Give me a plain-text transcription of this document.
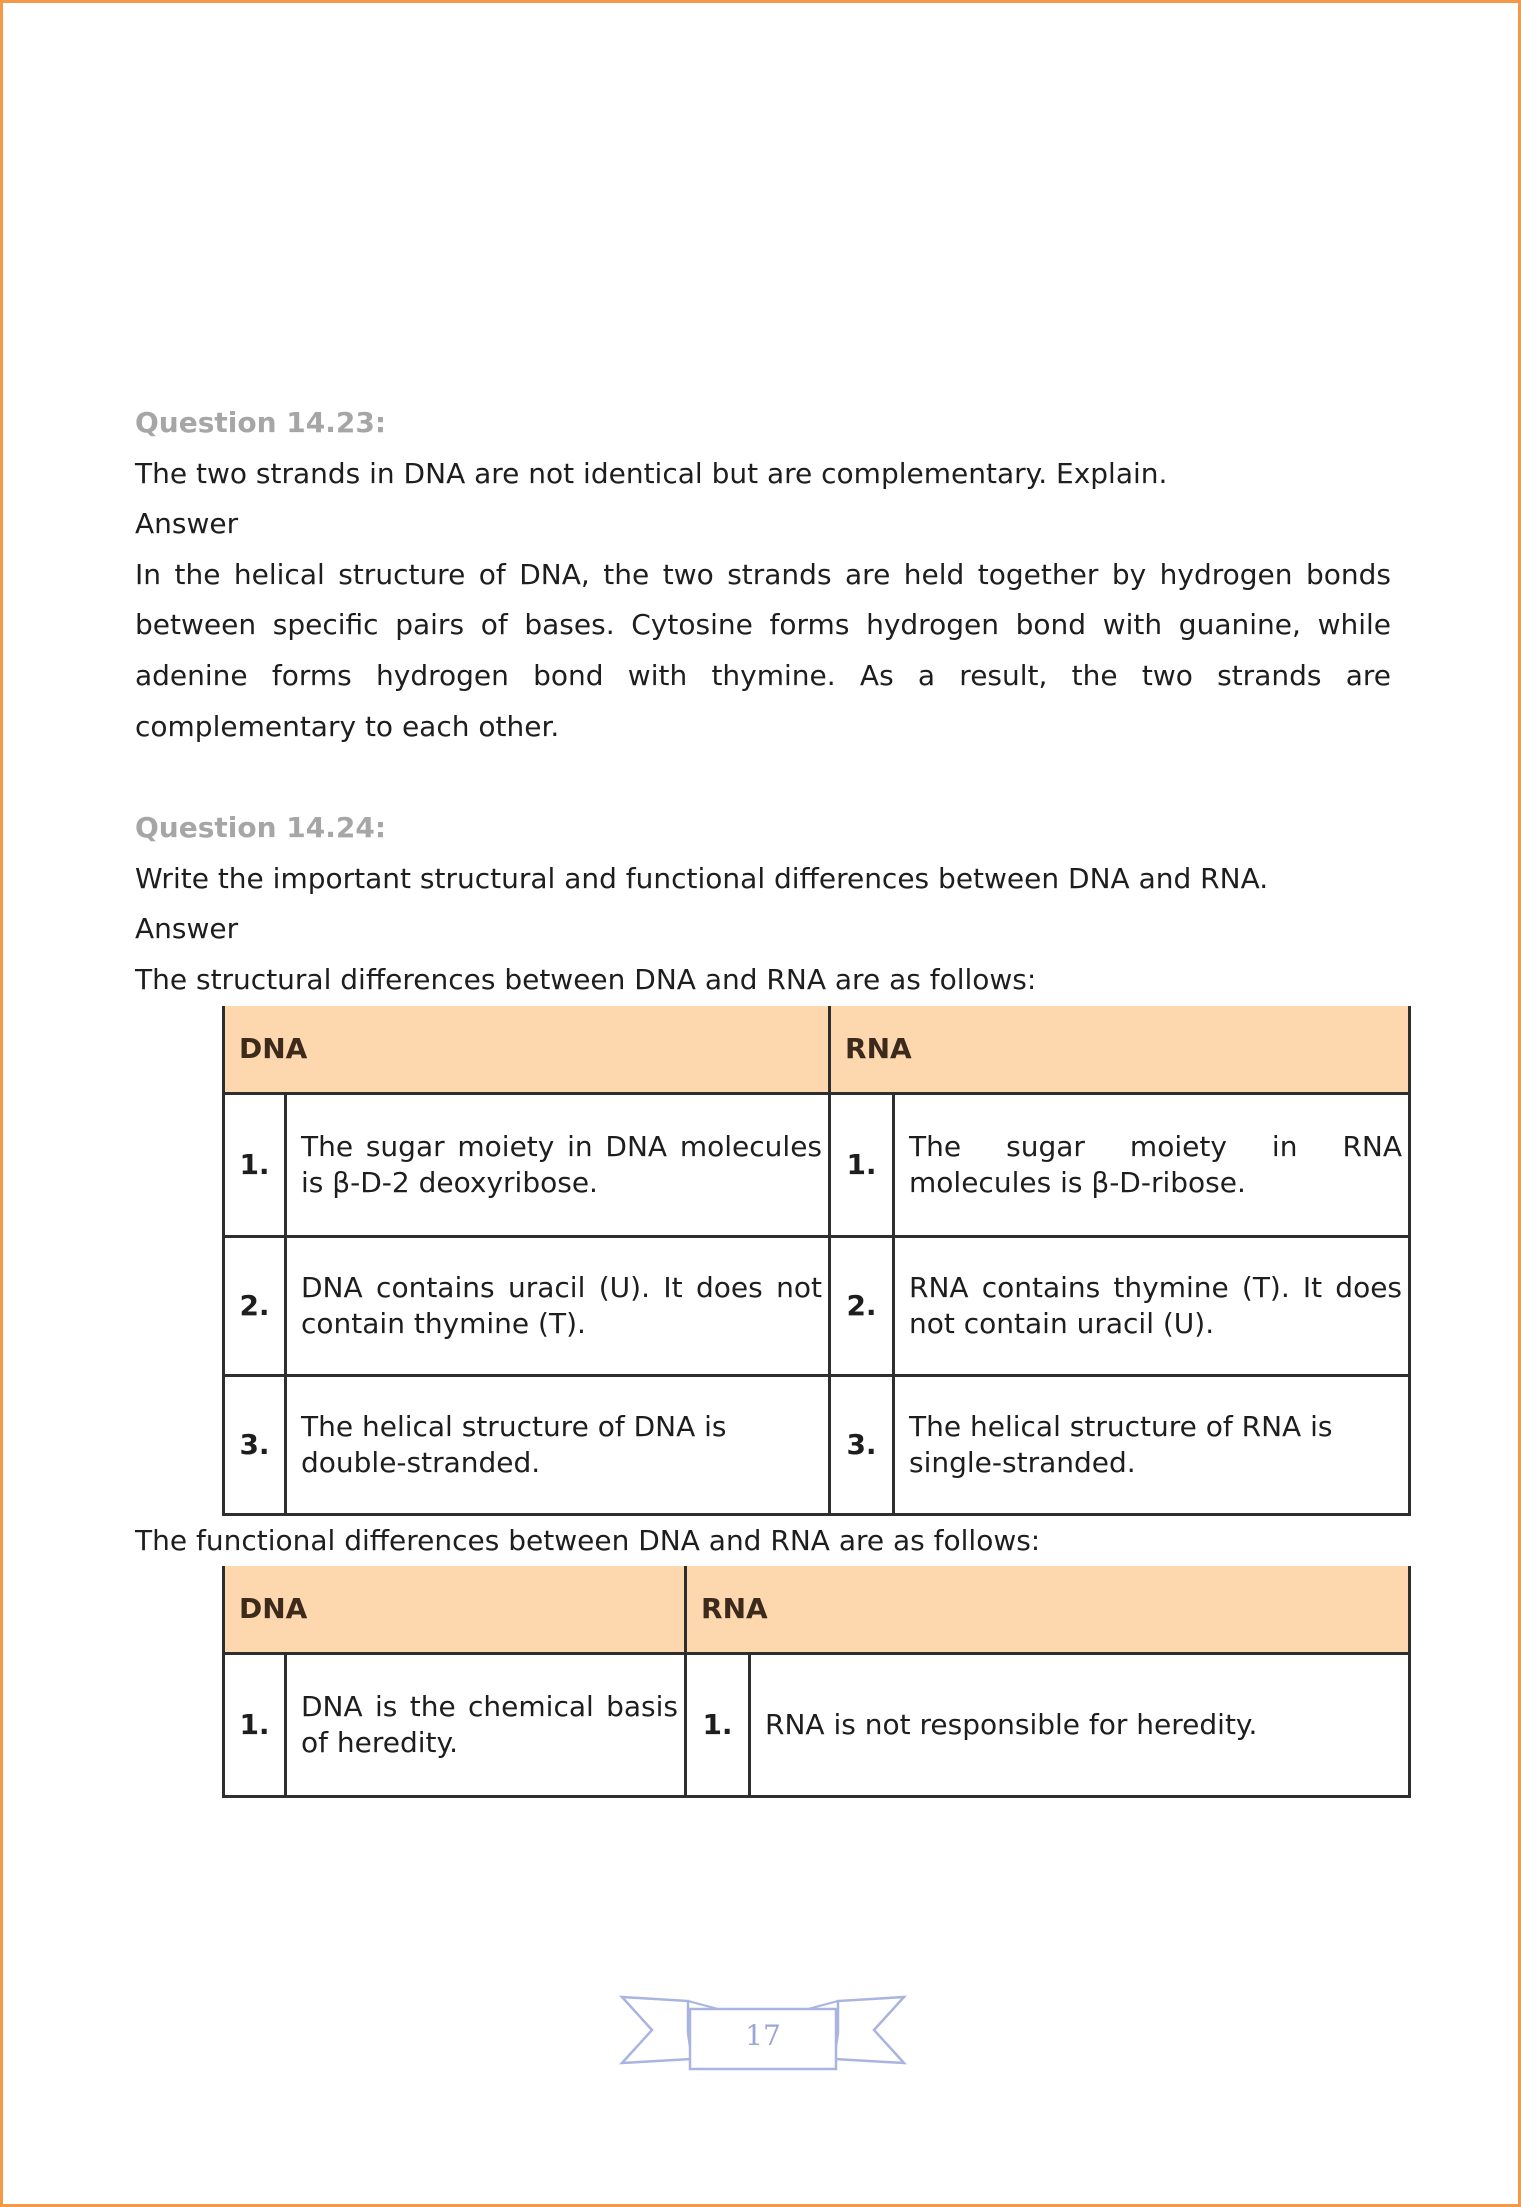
Question 14.23:

The two strands in DNA are not identical but are complementary. Explain.

Answer

In the helical structure of DNA, the two strands are held together by hydrogen bonds between specific pairs of bases. Cytosine forms hydrogen bond with guanine, while adenine forms hydrogen bond with thymine. As a result, the two strands are complementary to each other.

Question 14.24:

Write the important structural and functional differences between DNA and RNA.

Answer

The structural differences between DNA and RNA are as follows:

DNA		RNA	
1.	The sugar moiety in DNA molecules is β-D-2 deoxyribose.	1.	The sugar moiety in RNA molecules is β-D-ribose.
2.	DNA contains uracil (U). It does not contain thymine (T).	2.	RNA contains thymine (T). It does not contain uracil (U).
3.	The helical structure of DNA is double-stranded.	3.	The helical structure of RNA is single-stranded.

The functional differences between DNA and RNA are as follows:

DNA		RNA	
1.	DNA is the chemical basis of heredity.	1.	RNA is not responsible for heredity.
17
